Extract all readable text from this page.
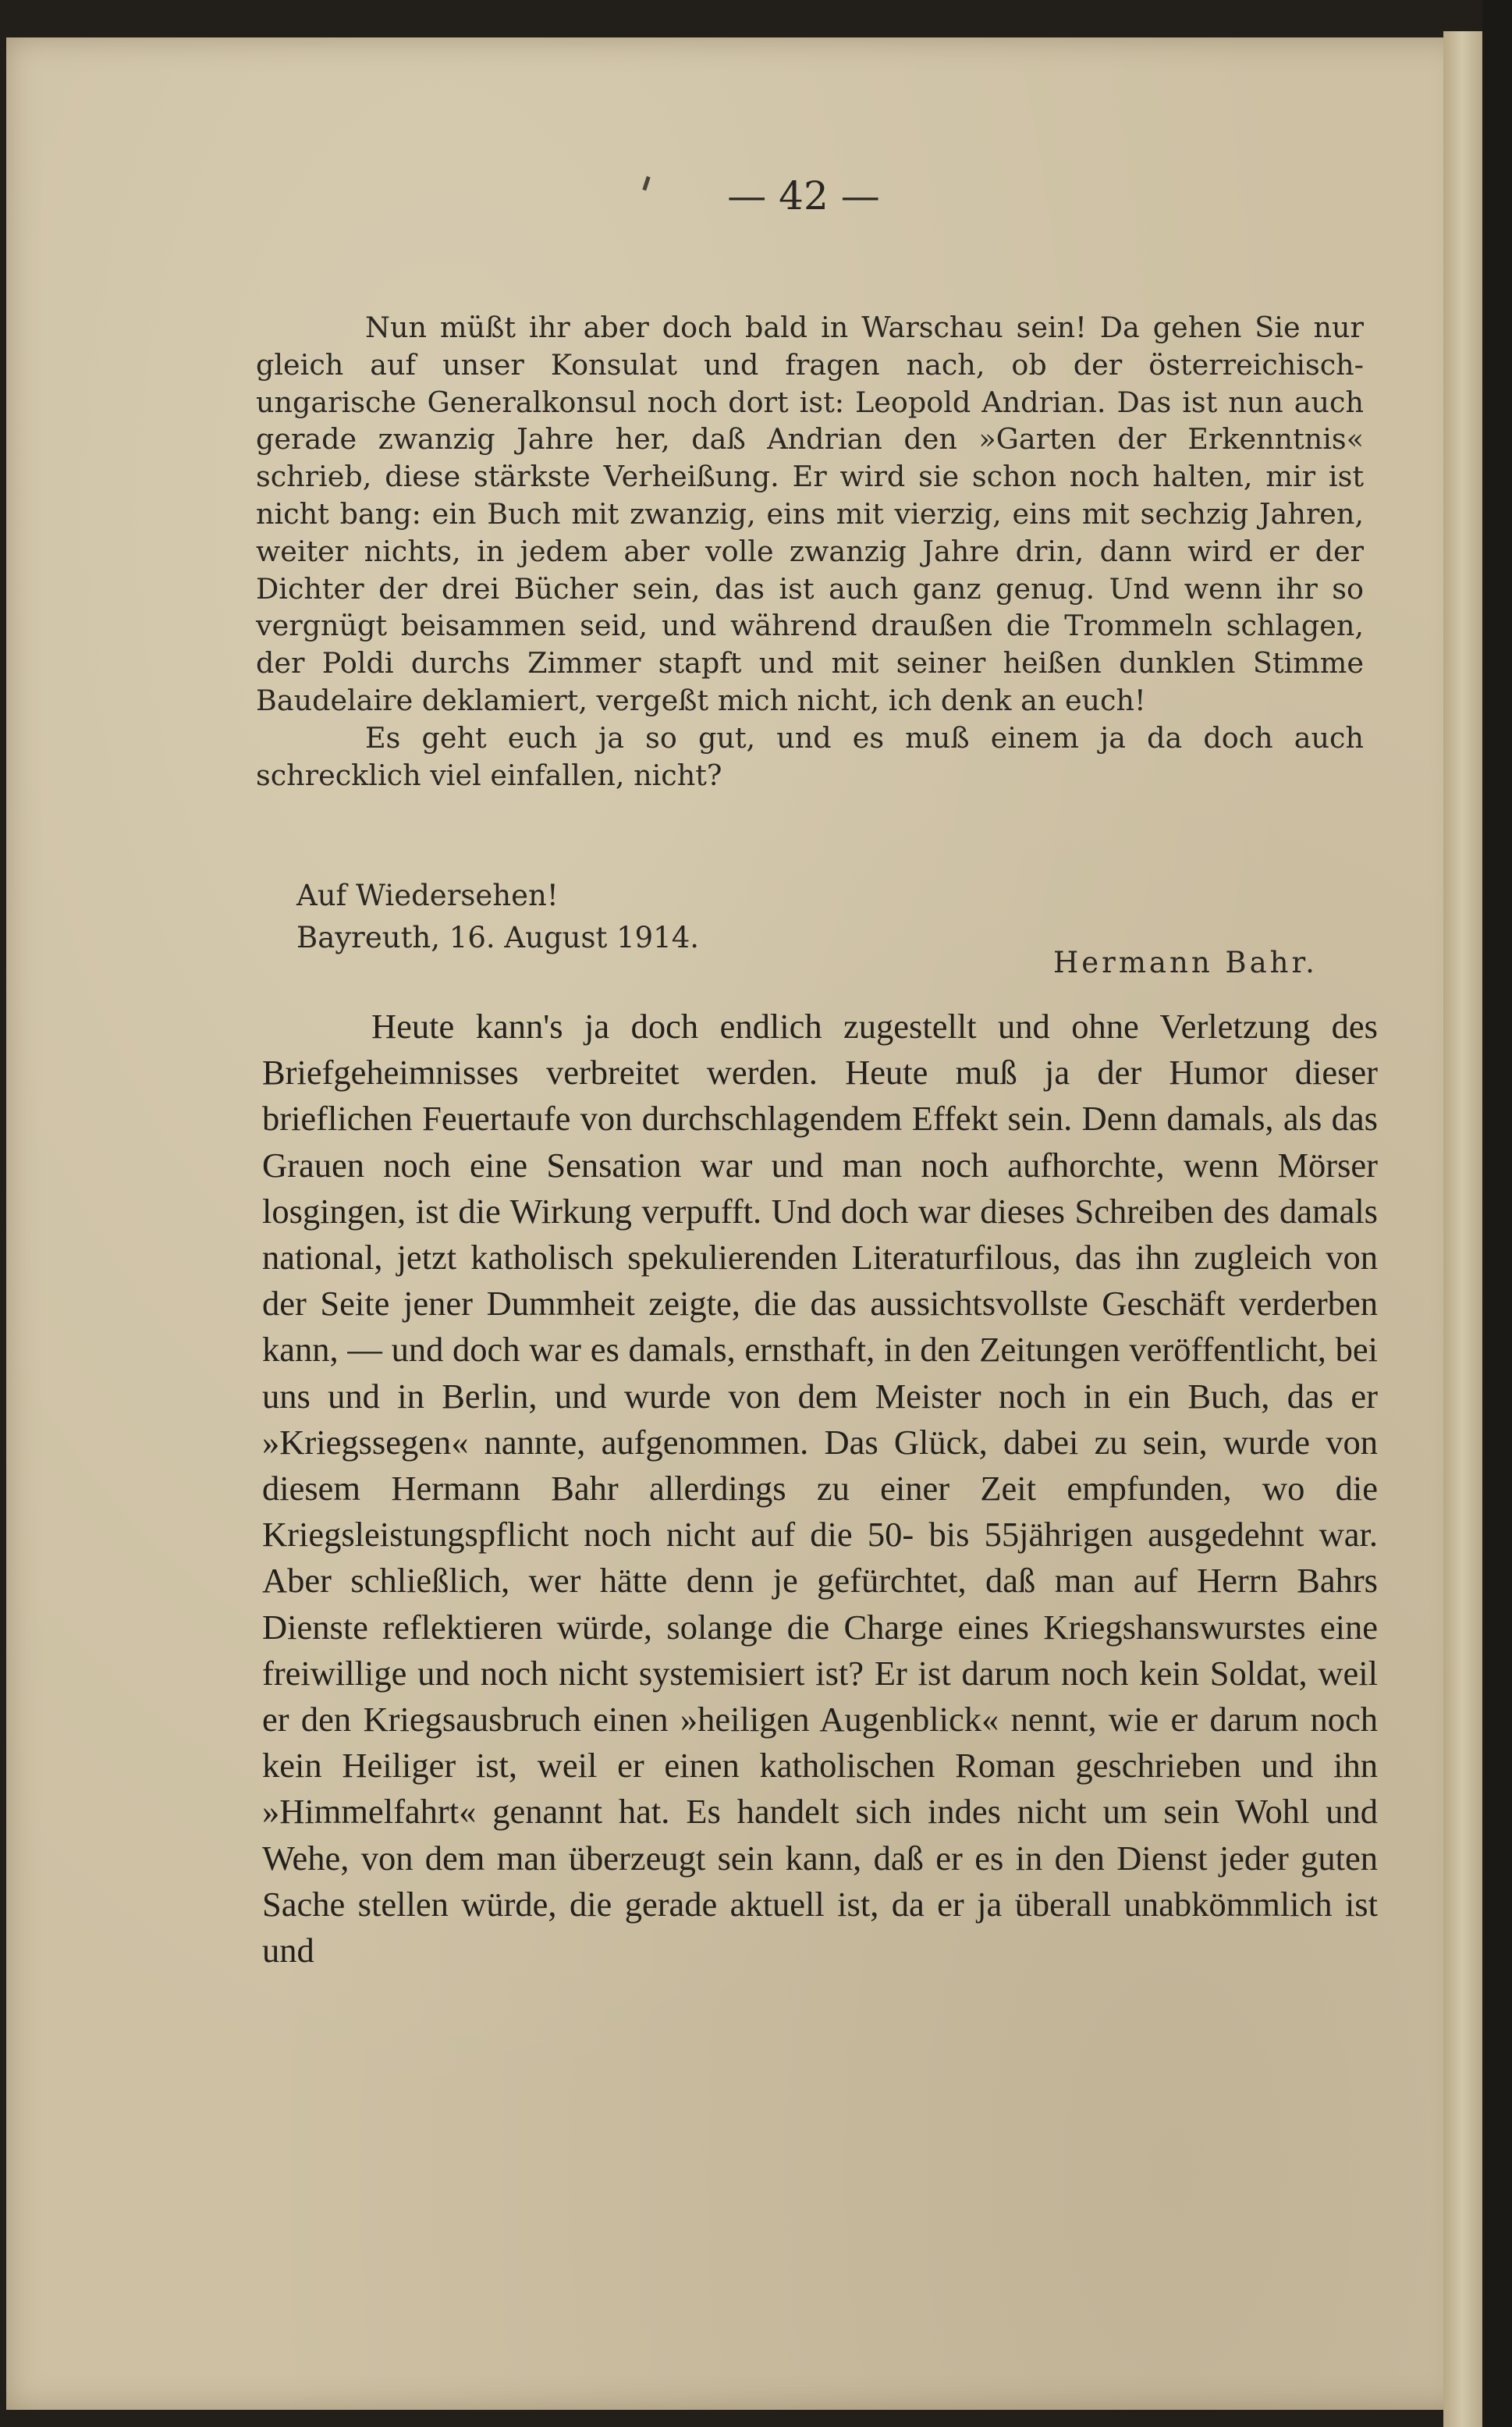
— 42 —

Nun müßt ihr aber doch bald in Warschau sein! Da gehen Sie nur gleich auf unser Konsulat und fragen nach, ob der österreichisch-ungarische Generalkonsul noch dort ist: Leopold Andrian. Das ist nun auch gerade zwanzig Jahre her, daß Andrian den »Garten der Erkenntnis« schrieb, diese stärkste Verheißung. Er wird sie schon noch halten, mir ist nicht bang: ein Buch mit zwanzig, eins mit vierzig, eins mit sechzig Jahren, weiter nichts, in jedem aber volle zwanzig Jahre drin, dann wird er der Dichter der drei Bücher sein, das ist auch ganz genug. Und wenn ihr so vergnügt beisammen seid, und während draußen die Trommeln schlagen, der Poldi durchs Zimmer stapft und mit seiner heißen dunklen Stimme Baudelaire deklamiert, vergeßt mich nicht, ich denk an euch!

Es geht euch ja so gut, und es muß einem ja da doch auch schrecklich viel einfallen, nicht?

Auf Wiedersehen!
Bayreuth, 16. August 1914.
Hermann Bahr.

Heute kann's ja doch endlich zugestellt und ohne Verletzung des Briefgeheimnisses verbreitet werden. Heute muß ja der Humor dieser brieflichen Feuertaufe von durchschlagendem Effekt sein. Denn damals, als das Grauen noch eine Sensation war und man noch aufhorchte, wenn Mörser losgingen, ist die Wirkung verpufft. Und doch war dieses Schreiben des damals national, jetzt katholisch spekulierenden Literaturfilous, das ihn zugleich von der Seite jener Dummheit zeigte, die das aussichtsvollste Geschäft verderben kann, — und doch war es damals, ernsthaft, in den Zeitungen veröffentlicht, bei uns und in Berlin, und wurde von dem Meister noch in ein Buch, das er »Kriegssegen« nannte, aufgenommen. Das Glück, dabei zu sein, wurde von diesem Hermann Bahr allerdings zu einer Zeit empfunden, wo die Kriegsleistungspflicht noch nicht auf die 50- bis 55jährigen ausgedehnt war. Aber schließlich, wer hätte denn je gefürchtet, daß man auf Herrn Bahrs Dienste reflektieren würde, solange die Charge eines Kriegshanswurstes eine freiwillige und noch nicht systemisiert ist? Er ist darum noch kein Soldat, weil er den Kriegsausbruch einen »heiligen Augenblick« nennt, wie er darum noch kein Heiliger ist, weil er einen katholischen Roman geschrieben und ihn »Himmelfahrt« genannt hat. Es handelt sich indes nicht um sein Wohl und Wehe, von dem man überzeugt sein kann, daß er es in den Dienst jeder guten Sache stellen würde, die gerade aktuell ist, da er ja überall unabkömmlich ist und
